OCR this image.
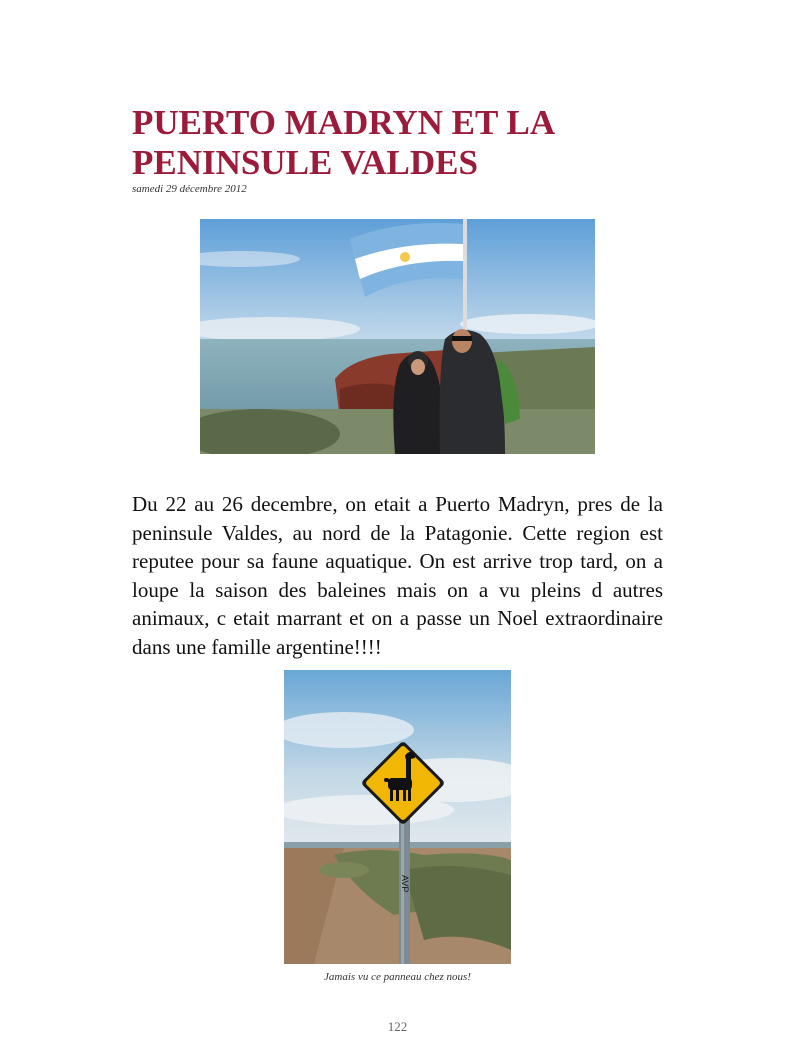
PUERTO MADRYN ET LA PENINSULE VALDES
samedi 29 décembre 2012

Du 22 au 26 decembre, on etait a Puerto Madryn, pres de la peninsule Valdes, au nord de la Patagonie. Cette region est reputee pour sa faune aquatique. On est arrive trop tard, on a loupe la saison des baleines mais on a vu pleins d autres animaux, c etait marrant et on a passe un Noel extraordinaire dans une famille argentine!!!!

AVP
Jamais vu ce panneau chez nous!
122
